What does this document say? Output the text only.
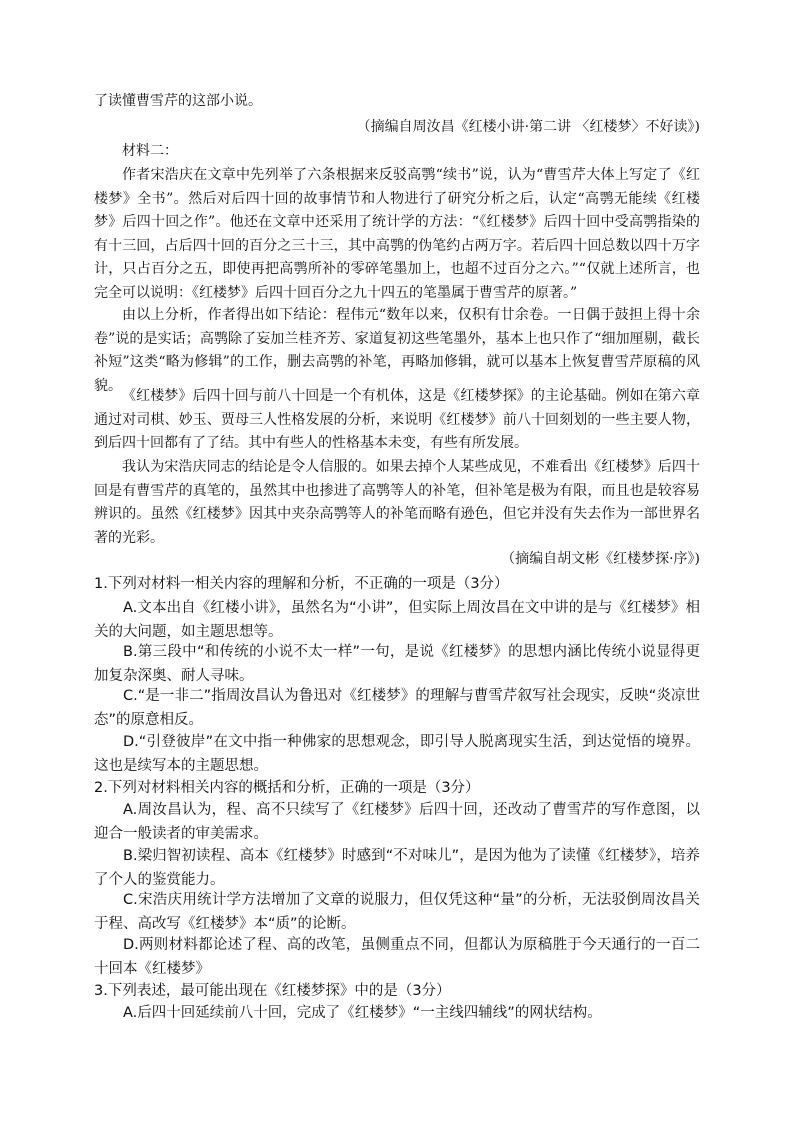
了读懂曹雪芹的这部小说。

（摘编自周汝昌《红楼小讲·第二讲 〈红楼梦〉不好读》)

材料二：

作者宋浩庆在文章中先列举了六条根据来反驳高鹗“续书”说，认为“曹雪芹大体上写定了《红楼梦》全书”。然后对后四十回的故事情节和人物进行了研究分析之后，认定“高鹗无能续《红楼梦》后四十回之作”。他还在文章中还采用了统计学的方法：“《红楼梦》后四十回中受高鹗指染的有十三回，占后四十回的百分之三十三，其中高鹗的伪笔约占两万字。若后四十回总数以四十万字计，只占百分之五，即使再把高鹗所补的零碎笔墨加上，也超不过百分之六。”“仅就上述所言，也完全可以说明：《红楼梦》后四十回百分之九十四五的笔墨属于曹雪芹的原著。”

由以上分析，作者得出如下结论：程伟元“数年以来，仅积有廿余卷。一日偶于鼓担上得十余卷”说的是实话；高鹗除了妄加兰桂齐芳、家道复初这些笔墨外，基本上也只作了“细加厘剔，截长补短”这类“略为修辑”的工作，删去高鹗的补笔，再略加修辑，就可以基本上恢复曹雪芹原稿的风貌。

《红楼梦》后四十回与前八十回是一个有机体，这是《红楼梦探》的主论基础。例如在第六章通过对司棋、妙玉、贾母三人性格发展的分析，来说明《红楼梦》前八十回刻划的一些主要人物，到后四十回都有了了结。其中有些人的性格基本未变，有些有所发展。

我认为宋浩庆同志的结论是令人信服的。如果去掉个人某些成见，不难看出《红楼梦》后四十回是有曹雪芹的真笔的，虽然其中也掺进了高鹗等人的补笔，但补笔是极为有限，而且也是较容易辨识的。虽然《红楼梦》因其中夹杂高鹗等人的补笔而略有逊色，但它并没有失去作为一部世界名著的光彩。

（摘编自胡文彬《红楼梦探·序》)

1.下列对材料一相关内容的理解和分析，不正确的一项是（3分）

A.文本出自《红楼小讲》，虽然名为“小讲”，但实际上周汝昌在文中讲的是与《红楼梦》相关的大问题，如主题思想等。

B.第三段中“和传统的小说不太一样”一句，是说《红楼梦》的思想内涵比传统小说显得更加复杂深奥、耐人寻味。

C.“是一非二”指周汝昌认为鲁迅对《红楼梦》的理解与曹雪芹叙写社会现实，反映“炎凉世态”的原意相反。

D.“引登彼岸”在文中指一种佛家的思想观念，即引导人脱离现实生活，到达觉悟的境界。这也是续写本的主题思想。

2.下列对材料相关内容的概括和分析，正确的一项是（3分）

A.周汝昌认为，程、高不只续写了《红楼梦》后四十回，还改动了曹雪芹的写作意图，以迎合一般读者的审美需求。

B.梁归智初读程、高本《红楼梦》时感到“不对味儿”，是因为他为了读懂《红楼梦》，培养了个人的鉴赏能力。

C.宋浩庆用统计学方法增加了文章的说服力，但仅凭这种“量”的分析，无法驳倒周汝昌关于程、高改写《红楼梦》本“质”的论断。

D.两则材料都论述了程、高的改笔，虽侧重点不同，但都认为原稿胜于今天通行的一百二十回本《红楼梦》

3.下列表述，最可能出现在《红楼梦探》中的是（3分）

A.后四十回延续前八十回，完成了《红楼梦》“一主线四辅线”的网状结构。
